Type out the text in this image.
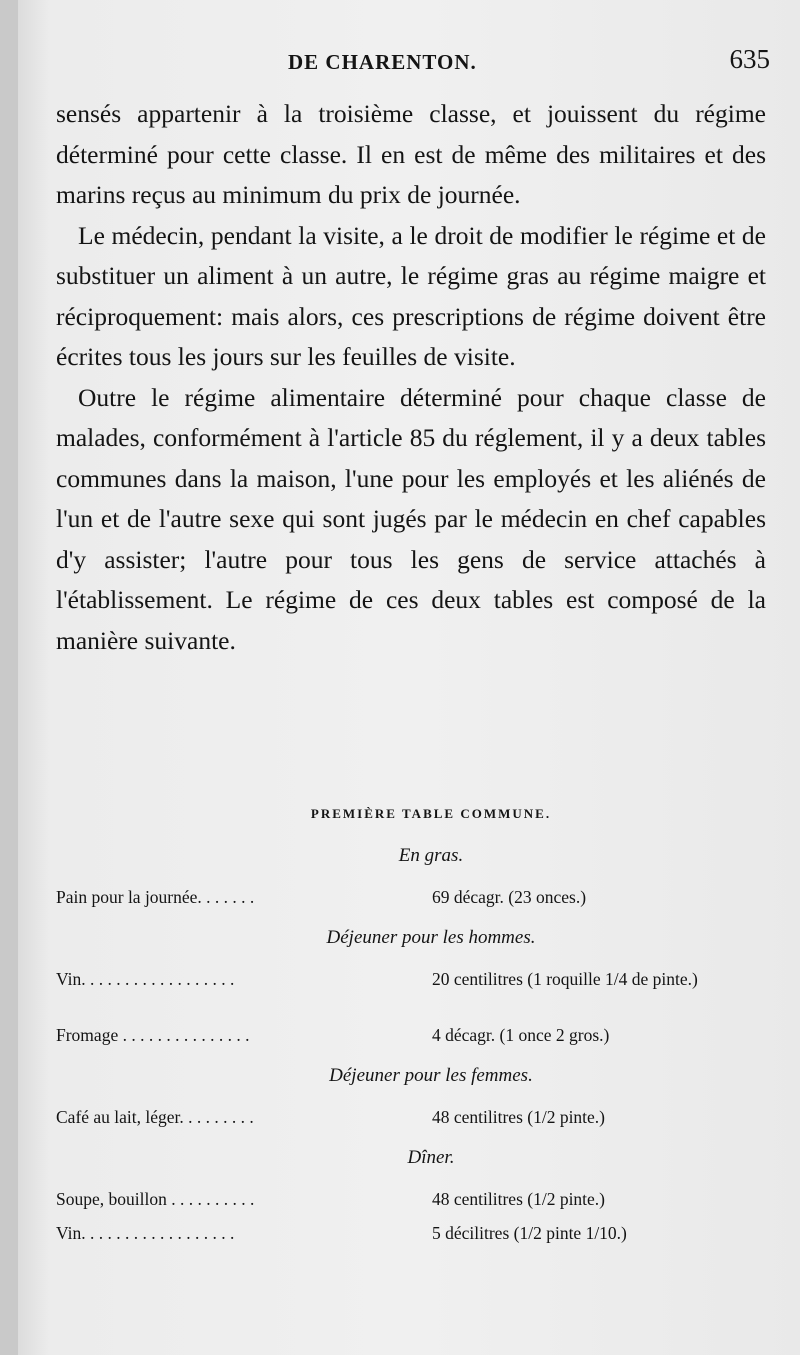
DE CHARENTON.	635

sensés appartenir à la troisième classe, et jouissent du régime déterminé pour cette classe. Il en est de même des militaires et des marins reçus au minimum du prix de journée.

Le médecin, pendant la visite, a le droit de modifier le régime et de substituer un aliment à un autre, le régime gras au régime maigre et réciproquement: mais alors, ces prescriptions de régime doivent être écrites tous les jours sur les feuilles de visite.

Outre le régime alimentaire déterminé pour chaque classe de malades, conformément à l'article 85 du réglement, il y a deux tables communes dans la maison, l'une pour les employés et les aliénés de l'un et de l'autre sexe qui sont jugés par le médecin en chef capables d'y assister; l'autre pour tous les gens de service attachés à l'établissement. Le régime de ces deux tables est composé de la manière suivante.

PREMIÈRE TABLE COMMUNE.
En gras.
Pain pour la journée. . . . . . .	69 décagr. (23 onces.)
Déjeuner pour les hommes.
Vin. . . . . . . . . . . . . . . . . .	20 centilitres (1 roquille 1/4 de pinte.)
Fromage . . . . . . . . . . . . . . .	4 décagr. (1 once 2 gros.)
Déjeuner pour les femmes.
Café au lait, léger. . . . . . . . .	48 centilitres (1/2 pinte.)
Dîner.
Soupe, bouillon . . . . . . . . . .	48 centilitres (1/2 pinte.)
Vin. . . . . . . . . . . . . . . . . .	5 décilitres (1/2 pinte 1/10.)
